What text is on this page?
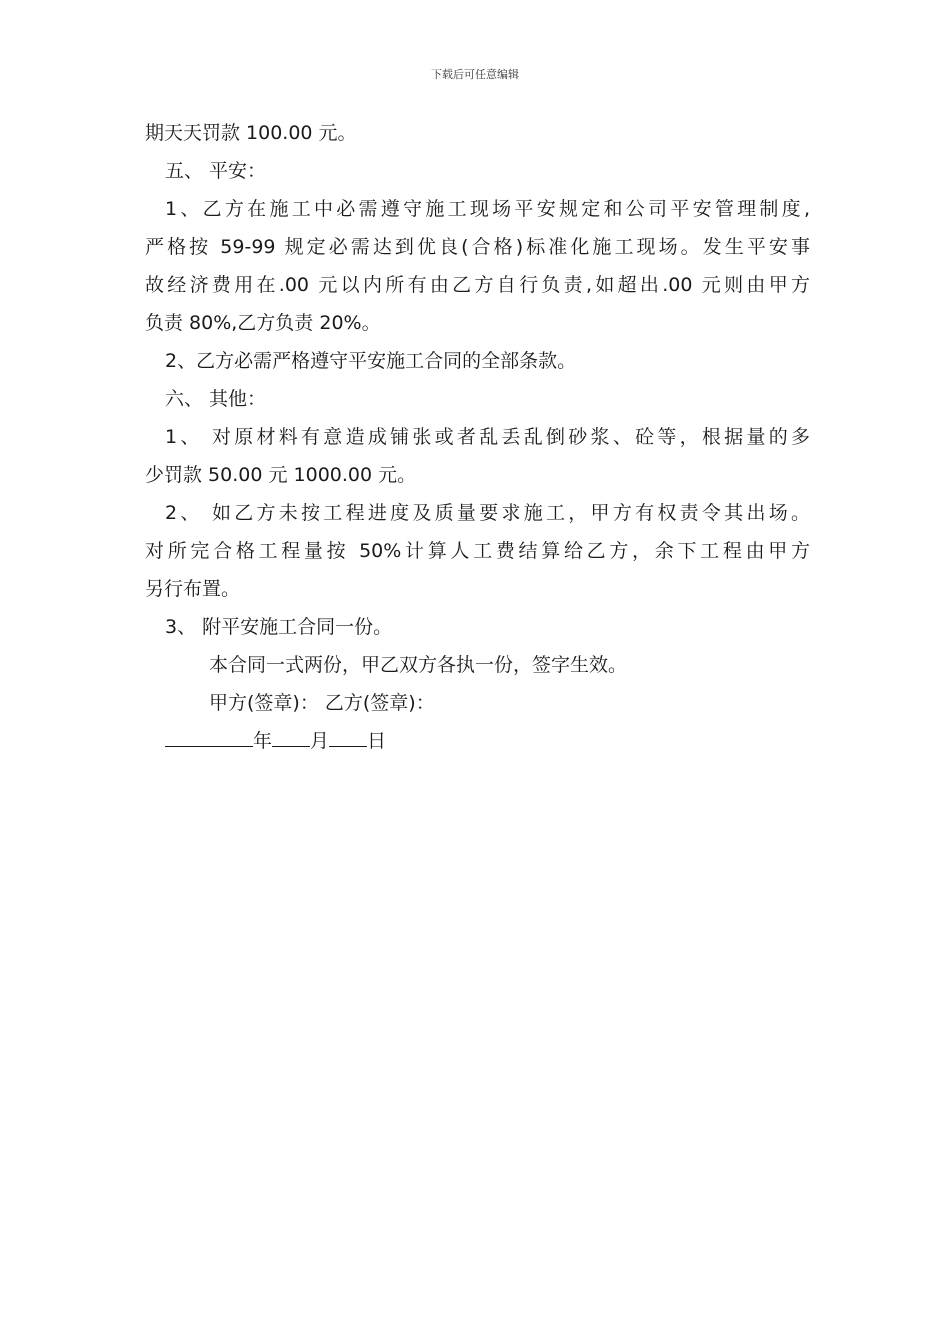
下载后可任意编辑
期天天罚款 100.00 元。
五、 平安：
1、乙方在施工中必需遵守施工现场平安规定和公司平安管理制度,
严格按 59-99 规定必需达到优良(合格)标准化施工现场。发生平安事
故经济费用在.00 元以内所有由乙方自行负责,如超出.00 元则由甲方
负责 80%,乙方负责 20%。
2、乙方必需严格遵守平安施工合同的全部条款。
六、 其他：
1、 对原材料有意造成铺张或者乱丢乱倒砂浆、砼等，根据量的多
少罚款 50.00 元 1000.00 元。
2、 如乙方未按工程进度及质量要求施工，甲方有权责令其出场。
对所完合格工程量按 50%计算人工费结算给乙方，余下工程由甲方
另行布置。
3、 附平安施工合同一份。
本合同一式两份，甲乙双方各执一份，签字生效。
甲方(签章)： 乙方(签章)：
年 月 日
